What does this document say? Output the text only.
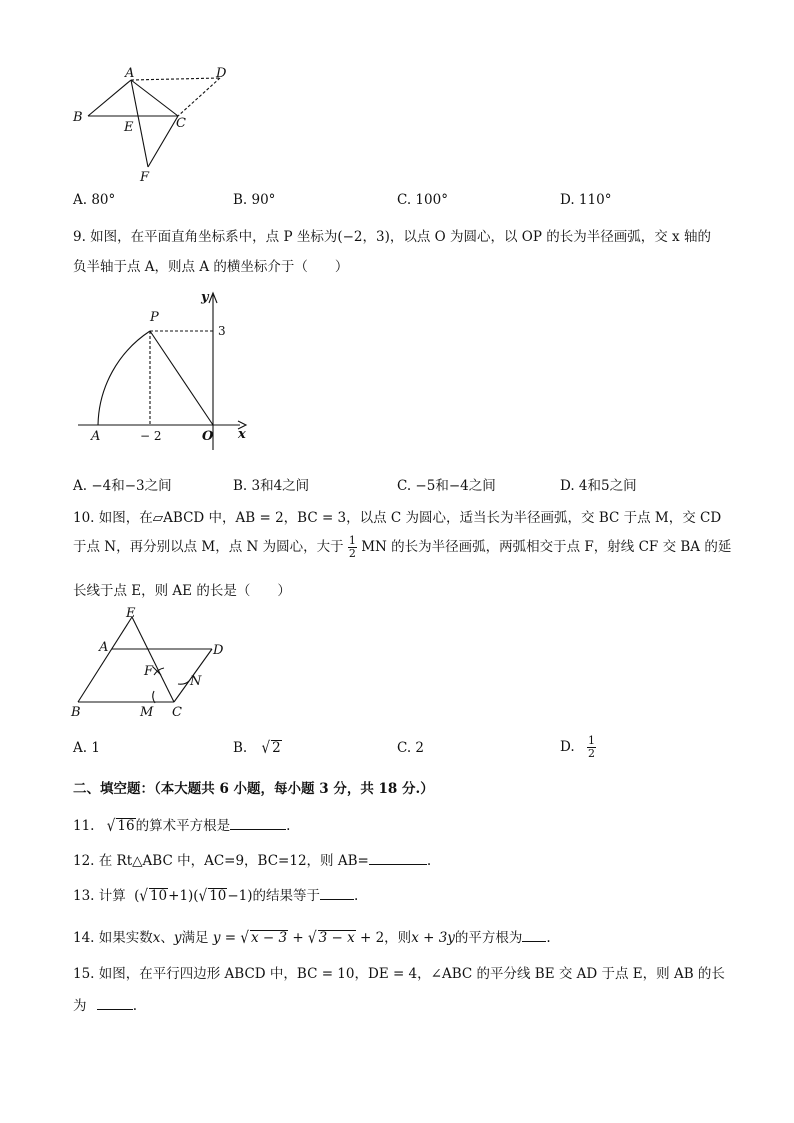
A	D
B
E	C
F
A. 80°	B. 90°	C. 100°	D. 110°
9. 如图，在平面直角坐标系中，点 P 坐标为(−2，3)，以点 O 为圆心，以 OP 的长为半径画弧，交 x 轴的
负半轴于点 A，则点 A 的横坐标介于（　　）
y
x
P
3
A	− 2	O
A. −4和−3之间	B. 3和4之间	C. −5和−4之间	D. 4和5之间
10. 如图，在▱ABCD 中，AB = 2，BC = 3，以点 C 为圆心，适当长为半径画弧，交 BC 于点 M，交 CD
于点 N，再分别以点 M，点 N 为圆心，大于 $\frac{1}{2}$ MN 的长为半径画弧，两弧相交于点 F，射线 CF 交 BA 的延
长线于点 E，则 AE 的长是（　　）
E
A	D
F
N
B	M C
A. 1	B. √ 2	C. 2	D. $\frac{1}{2}$
二、填空题：（本大题共 6 小题，每小题 3 分，共 18 分.）
11. √ 16的算术平方根是	.
12. 在 Rt△ABC 中，AC=9，BC=12，则 AB=	.
13. 计算 (√ 10+1)(√ 10−1)的结果等于	.
14. 如果实数x、y满足 y = √ x − 3 + √ 3 − x + 2，则x + 3y的平方根为 .
15. 如图，在平行四边形 ABCD 中，BC = 10，DE = 4，∠ABC 的平分线 BE 交 AD 于点 E，则 AB 的长
为	.
